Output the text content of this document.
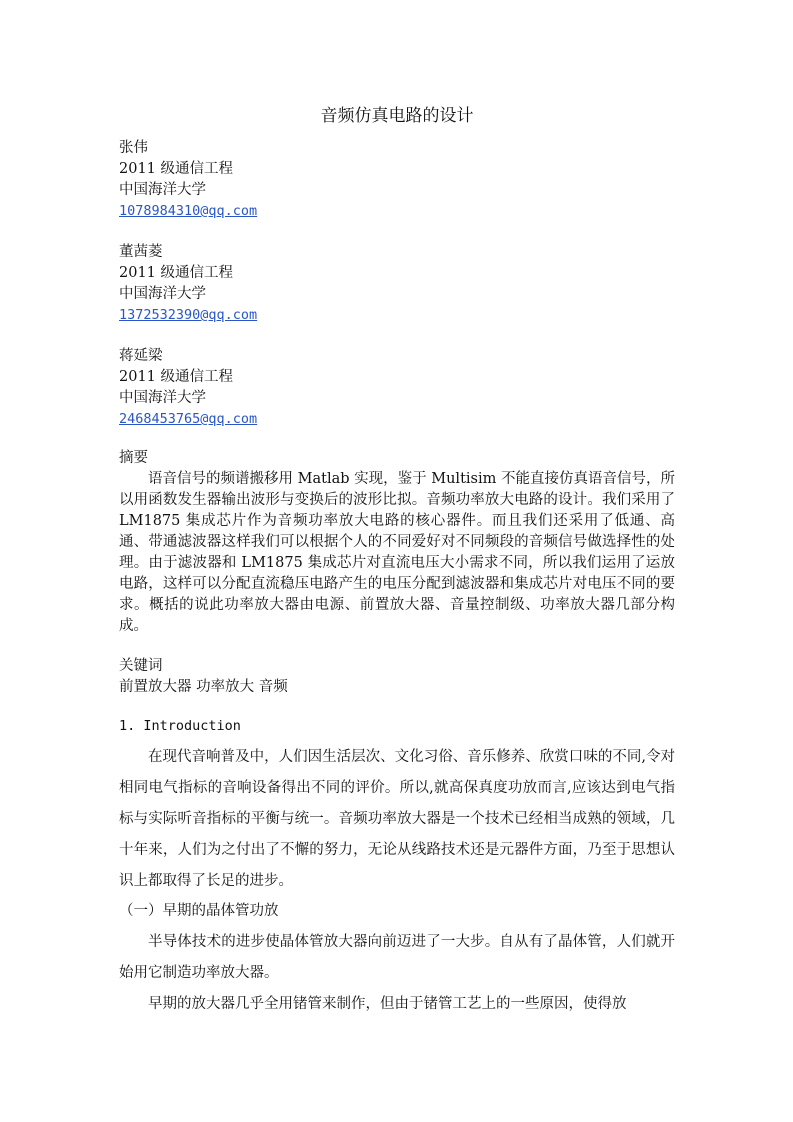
音频仿真电路的设计
张伟
2011 级通信工程
中国海洋大学
1078984310@qq.com
董茜菱
2011 级通信工程
中国海洋大学
1372532390@qq.com
蒋延梁
2011 级通信工程
中国海洋大学
2468453765@qq.com
摘要

语音信号的频谱搬移用 Matlab 实现，鉴于 Multisim 不能直接仿真语音信号，所以用函数发生器输出波形与变换后的波形比拟。音频功率放大电路的设计。我们采用了 LM1875 集成芯片作为音频功率放大电路的核心器件。而且我们还采用了低通、高通、带通滤波器这样我们可以根据个人的不同爱好对不同频段的音频信号做选择性的处理。由于滤波器和 LM1875 集成芯片对直流电压大小需求不同，所以我们运用了运放电路，这样可以分配直流稳压电路产生的电压分配到滤波器和集成芯片对电压不同的要求。概括的说此功率放大器由电源、前置放大器、音量控制级、功率放大器几部分构成。

关键词
前置放大器 功率放大 音频
1. Introduction

在现代音响普及中，人们因生活层次、文化习俗、音乐修养、欣赏口味的不同,令对相同电气指标的音响设备得出不同的评价。所以,就高保真度功放而言,应该达到电气指标与实际听音指标的平衡与统一。音频功率放大器是一个技术已经相当成熟的领域，几十年来，人们为之付出了不懈的努力，无论从线路技术还是元器件方面，乃至于思想认识上都取得了长足的进步。

（一）早期的晶体管功放

半导体技术的进步使晶体管放大器向前迈进了一大步。自从有了晶体管，人们就开始用它制造功率放大器。

早期的放大器几乎全用锗管来制作，但由于锗管工艺上的一些原因，使得放
